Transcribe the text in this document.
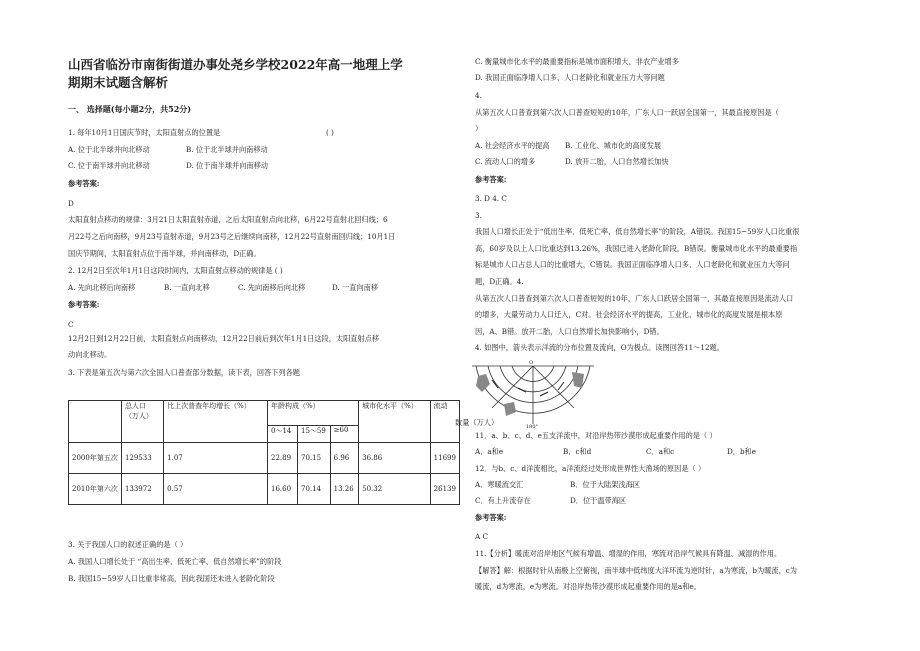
山西省临汾市南街街道办事处尧乡学校2022年高一地理上学
期期末试题含解析
一、 选择题(每小题2分，共52分)
1. 每年10月1日国庆节时，太阳直射点的位置是	( )
A. 位于北半球并向北移动	B. 位于北半球并向南移动
C. 位于南半球并向北移动	D. 位于南半球并向南移动
参考答案:
D
太阳直射点移动的规律：3月21日太阳直射赤道，之后太阳直射点向北移，6月22号直射北回归线；6
月22号之后向南移，9月23号直射赤道，9月23号之后继续向南移，12月22号直射南回归线；10月1日
国庆节期间，太阳直射点位于南半球，并向南移动，D正确。
2. 12月2日至次年1月1日这段时间内，太阳直射点移动的规律是 ( )
A. 先向北移后向南移	B. 一直向北移	C. 先向南移后向北移	D. 一直向南移
参考答案:
C
12月2日到12月22日前，太阳直射点向南移动，12月22日前后到次年1月1日这段，太阳直射点移
动向北移动。
3. 下表是第五次与第六次全国人口普查部分数据，读下表，回答下列各题
3. 关于我国人口的叙述正确的是（ ）
A. 我国人口增长处于 “高出生率、低死亡率、低自然增长率”的阶段
B. 我国15~59岁人口比重非常高，因此我国还未进入老龄化阶段

	总人口
（万人）	比上次普查年均增长（%）	年龄构成（%）			城市化水平（%）	流动
			0～14	15～59	≥60		
2000年第五次	129533	1.07	22.89	70.15	6.96	36.86	11699
2010年第六次	133972	0.57	16.60	70.14	13.26	50.32	26139
C. 衡量城市化水平的最重要指标是城市面积增大，非农产业增多
D. 我国正面临净增人口多、人口老龄化和就业压力大等问题
4.
从第五次人口普查到第六次人口普查短短的10年，广东人口一跃居全国第一，其最直接原因是（
）
A. 社会经济水平的提高 B. 工业化、城市化的高度发展
C. 流动人口的增多	D. 放开二胎，人口自然增长加快
参考答案:
3. D 4. C
3.
我国人口增长正处于“低出生率、低死亡率、低自然增长率”的阶段，A错误。我国15~59岁人口比重很
高，60岁及以上人口比重达到13.26%，我国已进入老龄化阶段，B错误。衡量城市化水平的最重要指
标是城市人口占总人口的比重增大，C错误。我国正面临净增人口多、人口老龄化和就业压力大等问
题，D正确。4.
从第五次人口普查到第六次人口普查短短的10年，广东人口跃居全国第一，其最直接原因是流动人口
的增多，大量劳动力人口迁入，C对。社会经济水平的提高，工业化、城市化的高度发展是根本原
因，A、B错。放开二胎，人口自然增长加快影响小，D错。
4. 如图中，箭头表示洋流的分布位置及流向，O为极点。读图回答11～12题。
O
180°
数量（万人）
11．a、b、c、d、e五支洋流中，对沿岸热带沙漠形成起重要作用的是（ ）
A．a和e	B．c和d	C．a和c	D．b和e
12．与b、c、d洋流相比，a洋流经过处形成世界性大渔场的原因是（ ）
A．寒暖流交汇	B．位于大陆架浅海区
C．有上升流存在	D．位于温带海区
参考答案:
A C
11.【分析】暖流对沿岸地区气候有增温、增湿的作用，寒流对沿岸气候具有降温、减湿的作用。
【解答】解：根据时针从南极上空俯视，南半球中低纬度大洋环流为逆时针，a为寒流，b为暖流，c为
暖流，d为寒流，e为寒流。对沿岸热带沙漠形成起重要作用的是a和e。
